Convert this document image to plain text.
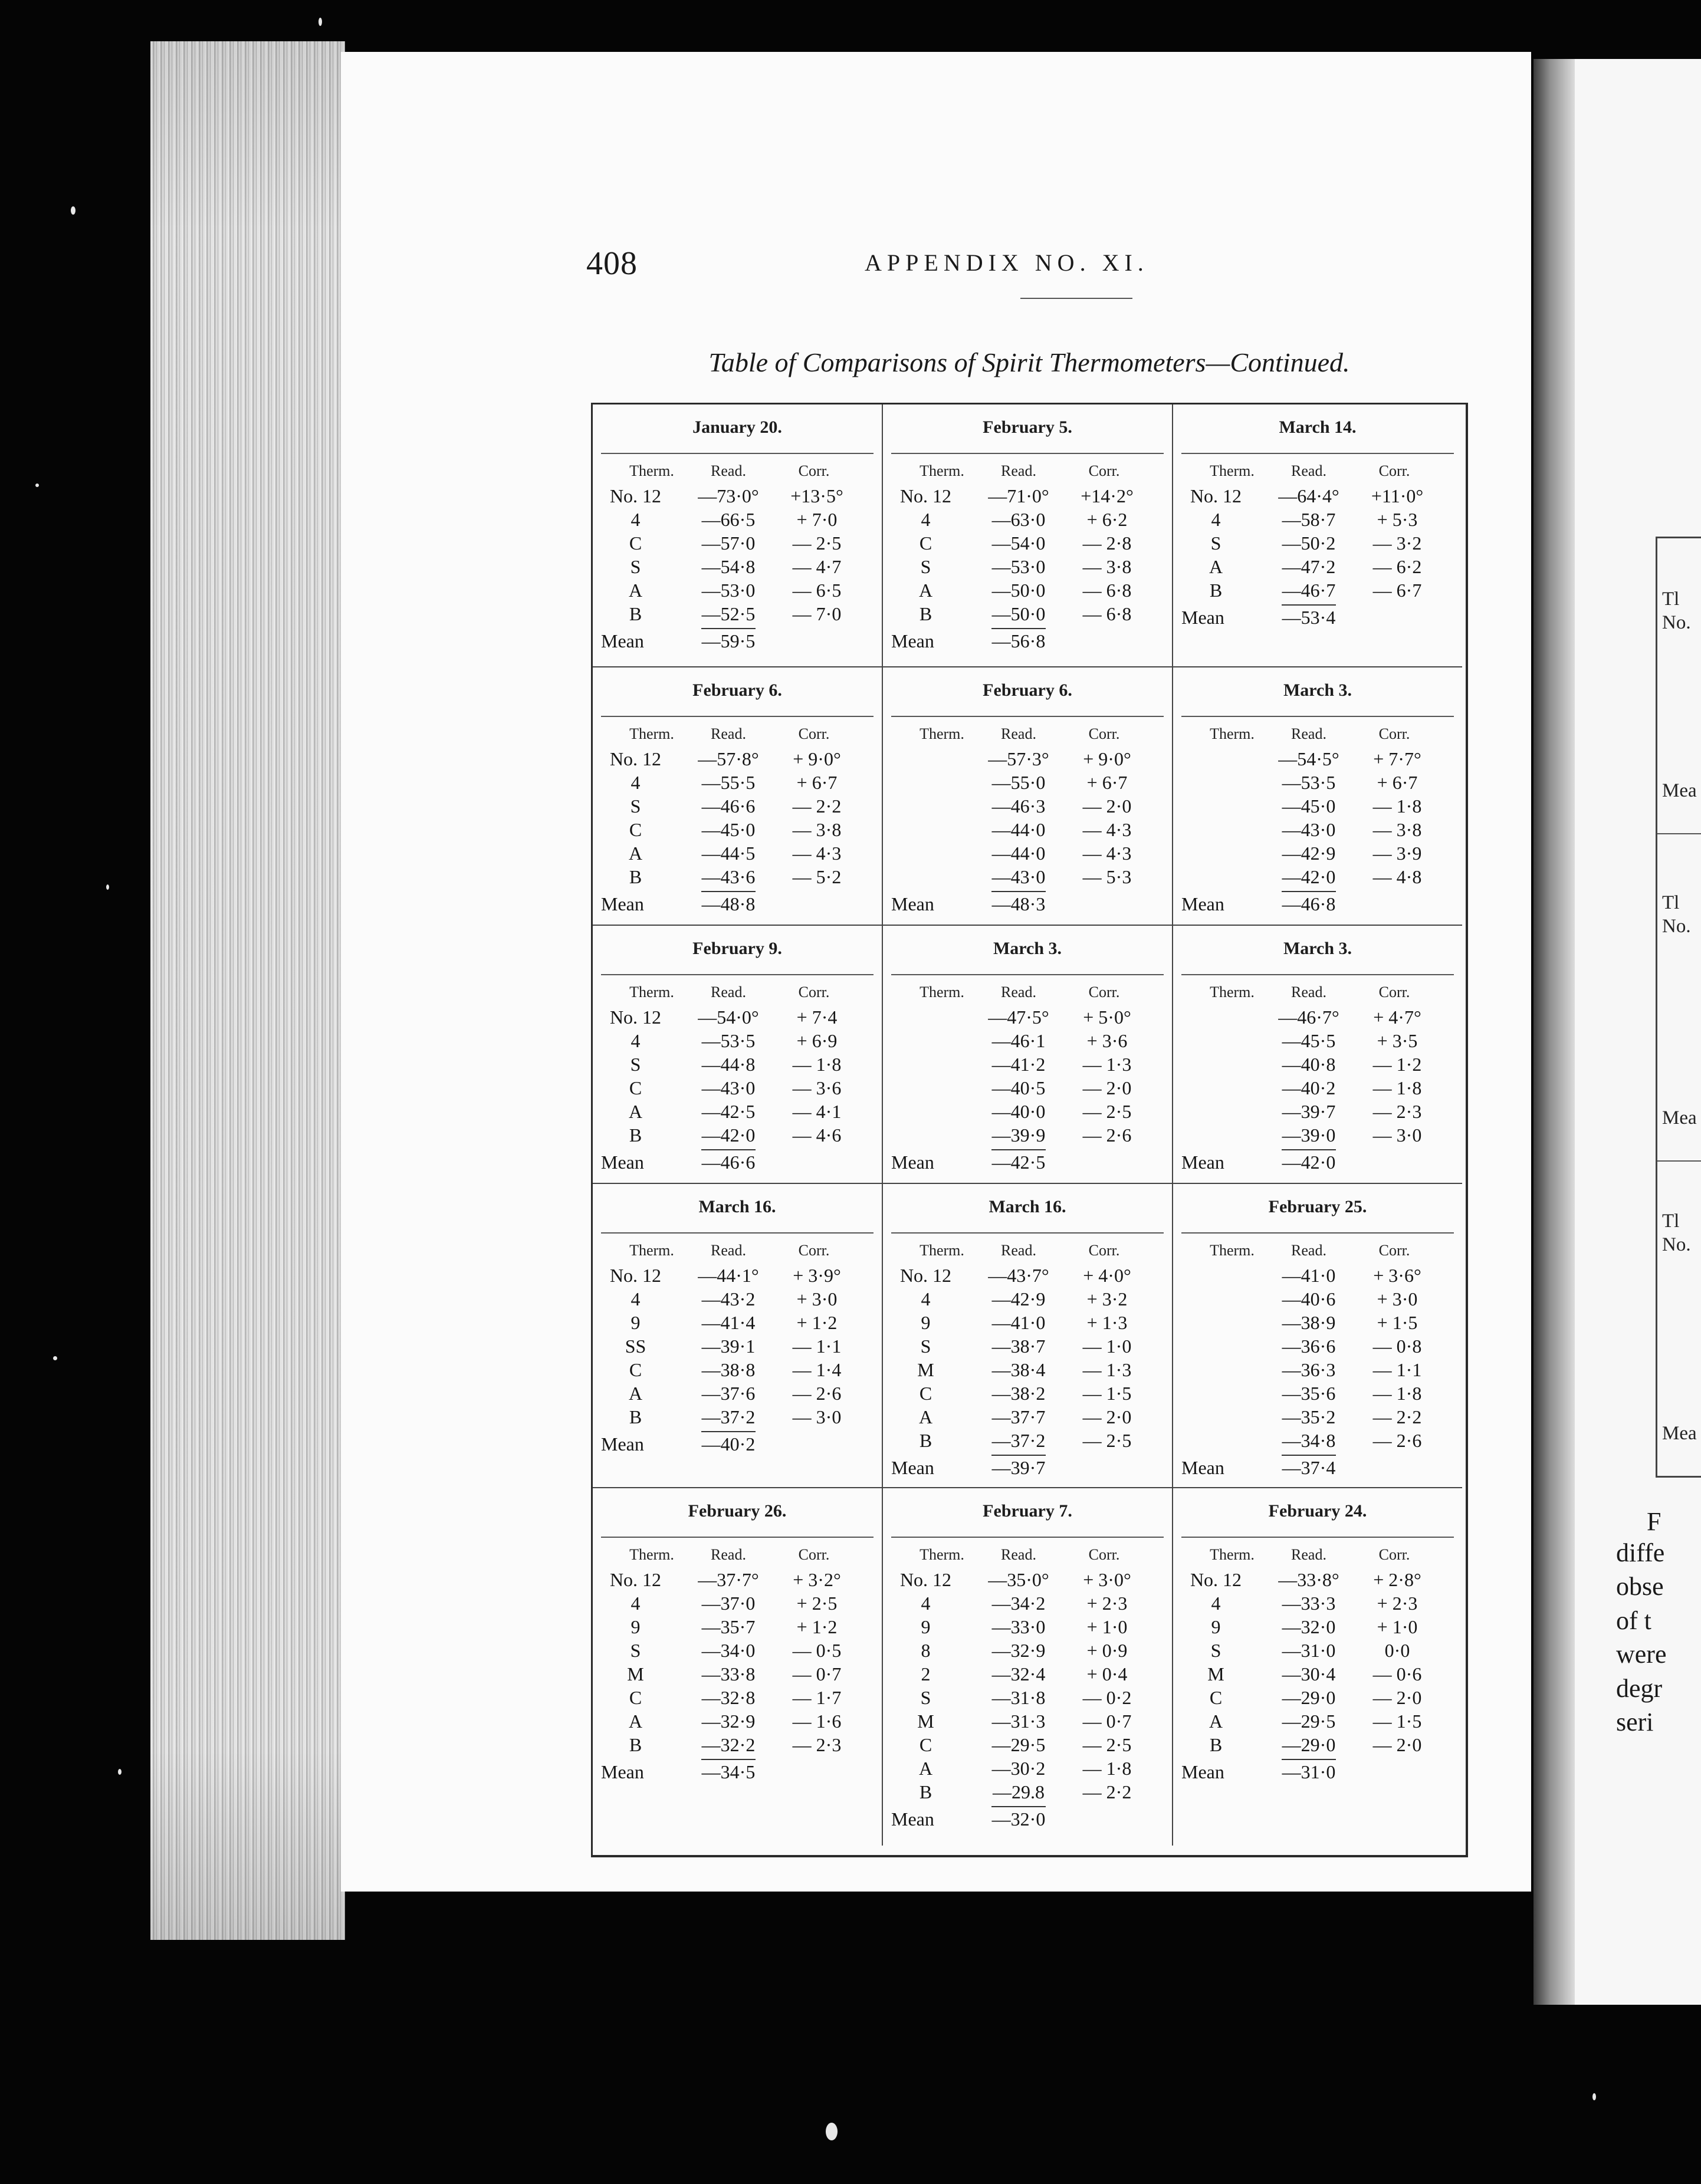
Tl
No.
Mea
Tl
No.
Mea
Tl
No.
Mea
F
diffe
obse
of t
were
degr
seri
408	APPENDIX NO. XI.
Table of Comparisons of Spirit Thermometers—Continued.
January 20.
Therm.	Read.	Corr.
No. 12	—73·0°	+13·5°
4	—66·5	+ 7·0
C	—57·0	— 2·5
S	—54·8	— 4·7
A	—53·0	— 6·5
B	—52·5	— 7·0
Mean	—59·5
February 5.
Therm.	Read.	Corr.
No. 12	—71·0°	+14·2°
4	—63·0	+ 6·2
C	—54·0	— 2·8
S	—53·0	— 3·8
A	—50·0	— 6·8
B	—50·0	— 6·8
Mean	—56·8
March 14.
Therm.	Read.	Corr.
No. 12	—64·4°	+11·0°
4	—58·7	+ 5·3
S	—50·2	— 3·2
A	—47·2	— 6·2
B	—46·7	— 6·7
Mean	—53·4
February 6.
Therm.	Read.	Corr.
No. 12	—57·8°	+ 9·0°
4	—55·5	+ 6·7
S	—46·6	— 2·2
C	—45·0	— 3·8
A	—44·5	— 4·3
B	—43·6	— 5·2
Mean	—48·8
February 6.
Therm.	Read.	Corr.
—57·3°	+ 9·0°
—55·0	+ 6·7
—46·3	— 2·0
—44·0	— 4·3
—44·0	— 4·3
—43·0	— 5·3
Mean	—48·3
March 3.
Therm.	Read.	Corr.
—54·5°	+ 7·7°
—53·5	+ 6·7
—45·0	— 1·8
—43·0	— 3·8
—42·9	— 3·9
—42·0	— 4·8
Mean	—46·8
February 9.
Therm.	Read.	Corr.
No. 12	—54·0°	+ 7·4
4	—53·5	+ 6·9
S	—44·8	— 1·8
C	—43·0	— 3·6
A	—42·5	— 4·1
B	—42·0	— 4·6
Mean	—46·6
March 3.
Therm.	Read.	Corr.
—47·5°	+ 5·0°
—46·1	+ 3·6
—41·2	— 1·3
—40·5	— 2·0
—40·0	— 2·5
—39·9	— 2·6
Mean	—42·5
March 3.
Therm.	Read.	Corr.
—46·7°	+ 4·7°
—45·5	+ 3·5
—40·8	— 1·2
—40·2	— 1·8
—39·7	— 2·3
—39·0	— 3·0
Mean	—42·0
March 16.
Therm.	Read.	Corr.
No. 12	—44·1°	+ 3·9°
4	—43·2	+ 3·0
9	—41·4	+ 1·2
SS	—39·1	— 1·1
C	—38·8	— 1·4
A	—37·6	— 2·6
B	—37·2	— 3·0
Mean	—40·2
March 16.
Therm.	Read.	Corr.
No. 12	—43·7°	+ 4·0°
4	—42·9	+ 3·2
9	—41·0	+ 1·3
S	—38·7	— 1·0
M	—38·4	— 1·3
C	—38·2	— 1·5
A	—37·7	— 2·0
B	—37·2	— 2·5
Mean	—39·7
February 25.
Therm.	Read.	Corr.
—41·0	+ 3·6°
—40·6	+ 3·0
—38·9	+ 1·5
—36·6	— 0·8
—36·3	— 1·1
—35·6	— 1·8
—35·2	— 2·2
—34·8	— 2·6
Mean	—37·4
February 26.
Therm.	Read.	Corr.
No. 12	—37·7°	+ 3·2°
4	—37·0	+ 2·5
9	—35·7	+ 1·2
S	—34·0	— 0·5
M	—33·8	— 0·7
C	—32·8	— 1·7
A	—32·9	— 1·6
B	—32·2	— 2·3
Mean	—34·5
February 7.
Therm.	Read.	Corr.
No. 12	—35·0°	+ 3·0°
4	—34·2	+ 2·3
9	—33·0	+ 1·0
8	—32·9	+ 0·9
2	—32·4	+ 0·4
S	—31·8	— 0·2
M	—31·3	— 0·7
C	—29·5	— 2·5
A	—30·2	— 1·8
B	—29.8	— 2·2
Mean	—32·0
February 24.
Therm.	Read.	Corr.
No. 12	—33·8°	+ 2·8°
4	—33·3	+ 2·3
9	—32·0	+ 1·0
S	—31·0	0·0
M	—30·4	— 0·6
C	—29·0	— 2·0
A	—29·5	— 1·5
B	—29·0	— 2·0
Mean	—31·0
